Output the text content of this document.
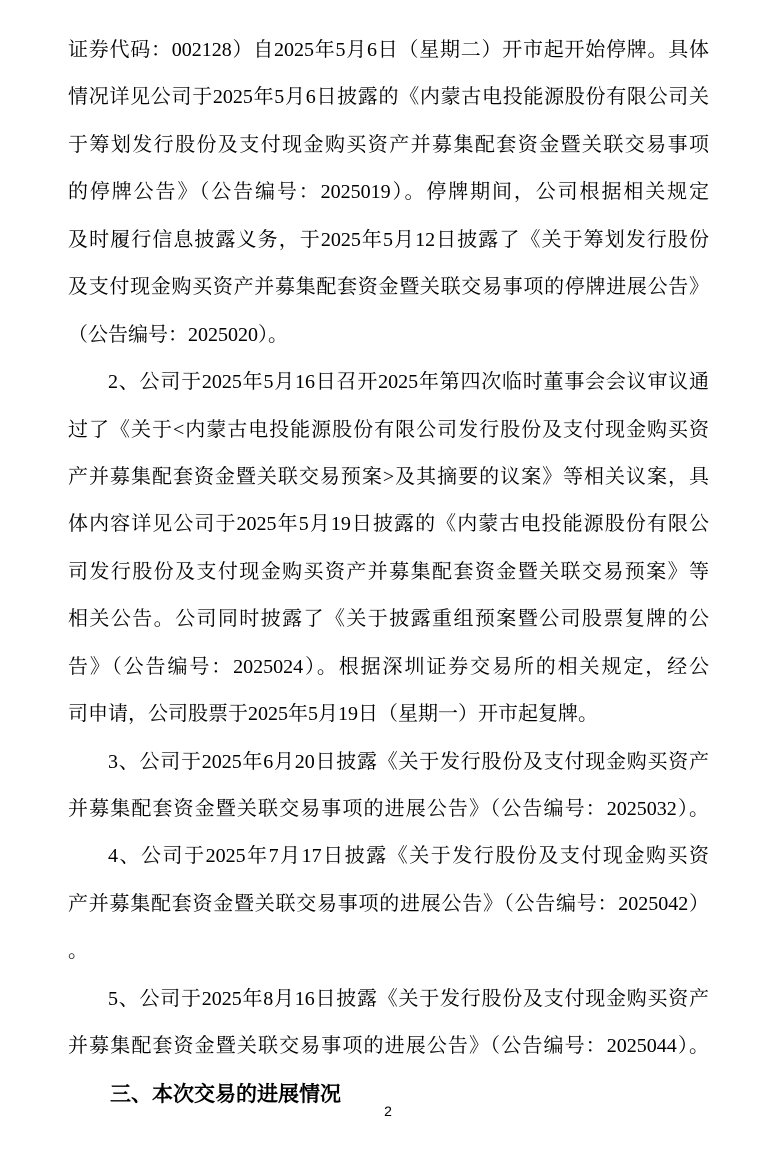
证券代码：002128）自2025年5月6日（星期二）开市起开始停牌。具体
情况详见公司于2025年5月6日披露的《内蒙古电投能源股份有限公司关
于筹划发行股份及支付现金购买资产并募集配套资金暨关联交易事项
的停牌公告》（公告编号：2025019）。停牌期间，公司根据相关规定
及时履行信息披露义务，于2025年5月12日披露了《关于筹划发行股份
及支付现金购买资产并募集配套资金暨关联交易事项的停牌进展公告》
（公告编号：2025020）。
2、公司于2025年5月16日召开2025年第四次临时董事会会议审议通
过了《关于<内蒙古电投能源股份有限公司发行股份及支付现金购买资
产并募集配套资金暨关联交易预案>及其摘要的议案》等相关议案，具
体内容详见公司于2025年5月19日披露的《内蒙古电投能源股份有限公
司发行股份及支付现金购买资产并募集配套资金暨关联交易预案》等
相关公告。公司同时披露了《关于披露重组预案暨公司股票复牌的公
告》（公告编号：2025024）。根据深圳证券交易所的相关规定，经公
司申请，公司股票于2025年5月19日（星期一）开市起复牌。
3、公司于2025年6月20日披露《关于发行股份及支付现金购买资产
并募集配套资金暨关联交易事项的进展公告》（公告编号：2025032）。
4、公司于2025年7月17日披露《关于发行股份及支付现金购买资
产并募集配套资金暨关联交易事项的进展公告》（公告编号：2025042）
。
5、公司于2025年8月16日披露《关于发行股份及支付现金购买资产
并募集配套资金暨关联交易事项的进展公告》（公告编号：2025044）。
三、本次交易的进展情况
2
